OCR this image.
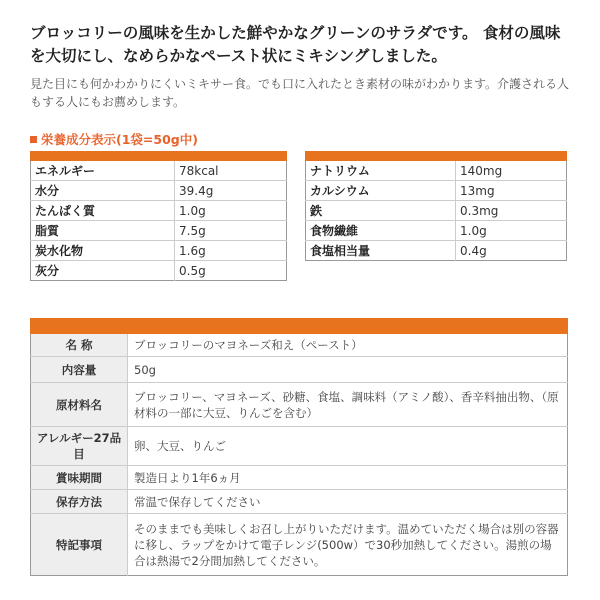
ブロッコリーの風味を生かした鮮やかなグリーンのサラダです。 食材の風味を大切にし、なめらかなペースト状にミキシングしました。

見た目にも何かわかりにくいミキサー食。でも口に入れたとき素材の味がわかります。介護される人もする人にもお薦めします。

栄養成分表示(1袋=50g中)

エネルギー	78kcal
水分	39.4g
たんぱく質	1.0g
脂質	7.5g
炭水化物	1.6g
灰分	0.5g
ナトリウム	140mg
カルシウム	13mg
鉄	0.3mg
食物繊維	1.0g
食塩相当量	0.4g
名 称	ブロッコリーのマヨネーズ和え（ペースト）
内容量	50g
原材料名	ブロッコリー、マヨネーズ、砂糖、食塩、調味料（アミノ酸）、香辛料抽出物、（原材料の一部に大豆、りんごを含む）
アレルギー27品目	卵、大豆、りんご
賞味期間	製造日より1年6ヵ月
保存方法	常温で保存してください
特記事項	そのままでも美味しくお召し上がりいただけます。温めていただく場合は別の容器に移し、ラップをかけて電子レンジ(500w）で30秒加熱してください。湯煎の場合は熱湯で2分間加熱してください。
